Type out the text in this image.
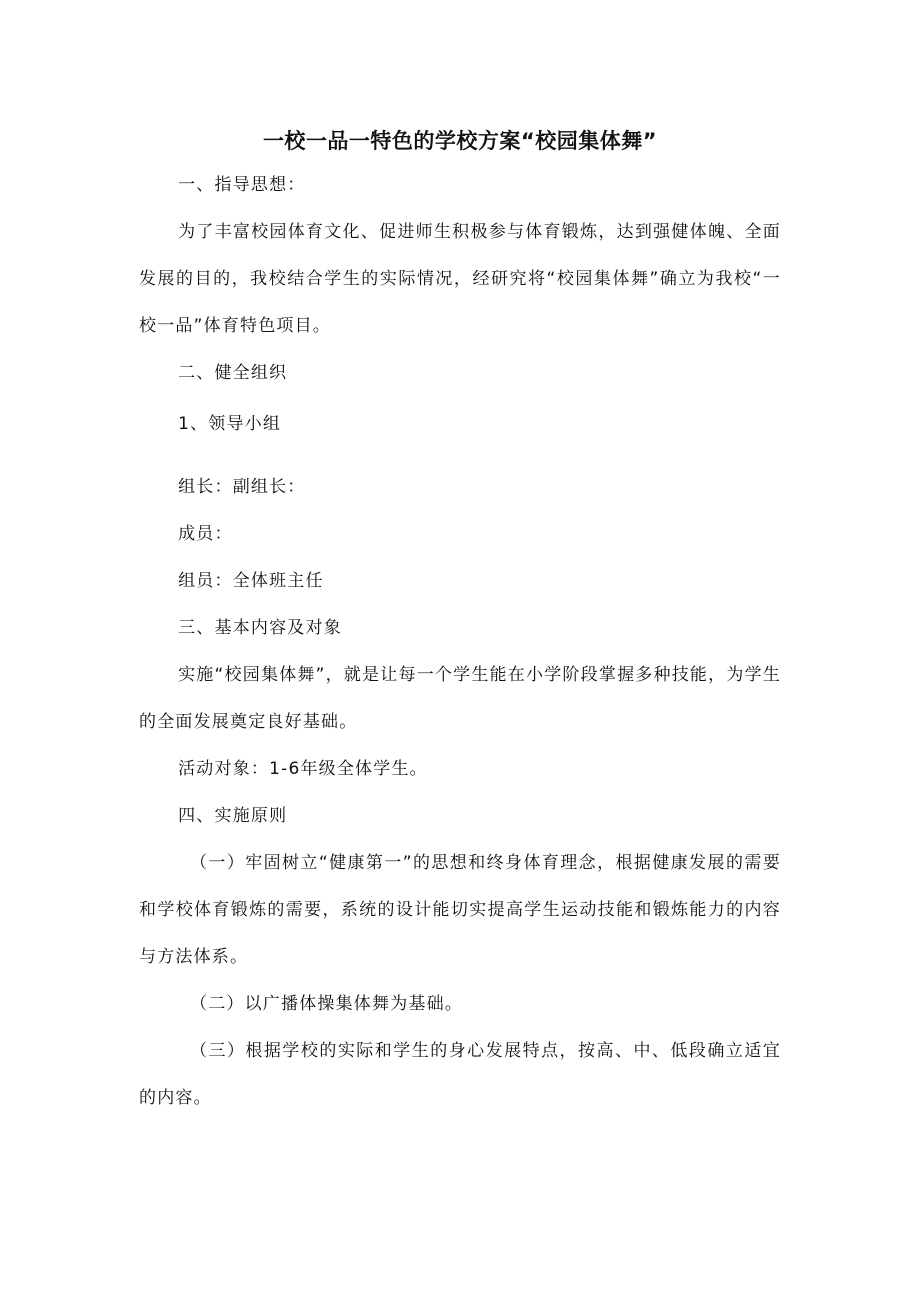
一校一品一特色的学校方案“校园集体舞”

一、指导思想：

为了丰富校园体育文化、促进师生积极参与体育锻炼，达到强健体魄、全面发展的目的，我校结合学生的实际情况，经研究将“校园集体舞”确立为我校“一校一品”体育特色项目。

二、健全组织

1、领导小组

组长：副组长：

成员：

组员：全体班主任

三、基本内容及对象

实施“校园集体舞”，就是让每一个学生能在小学阶段掌握多种技能，为学生的全面发展奠定良好基础。

活动对象：1-6年级全体学生。

四、实施原则

（一）牢固树立“健康第一”的思想和终身体育理念，根据健康发展的需要和学校体育锻炼的需要，系统的设计能切实提高学生运动技能和锻炼能力的内容与方法体系。

（二）以广播体操集体舞为基础。

（三）根据学校的实际和学生的身心发展特点，按高、中、低段确立适宜的内容。
